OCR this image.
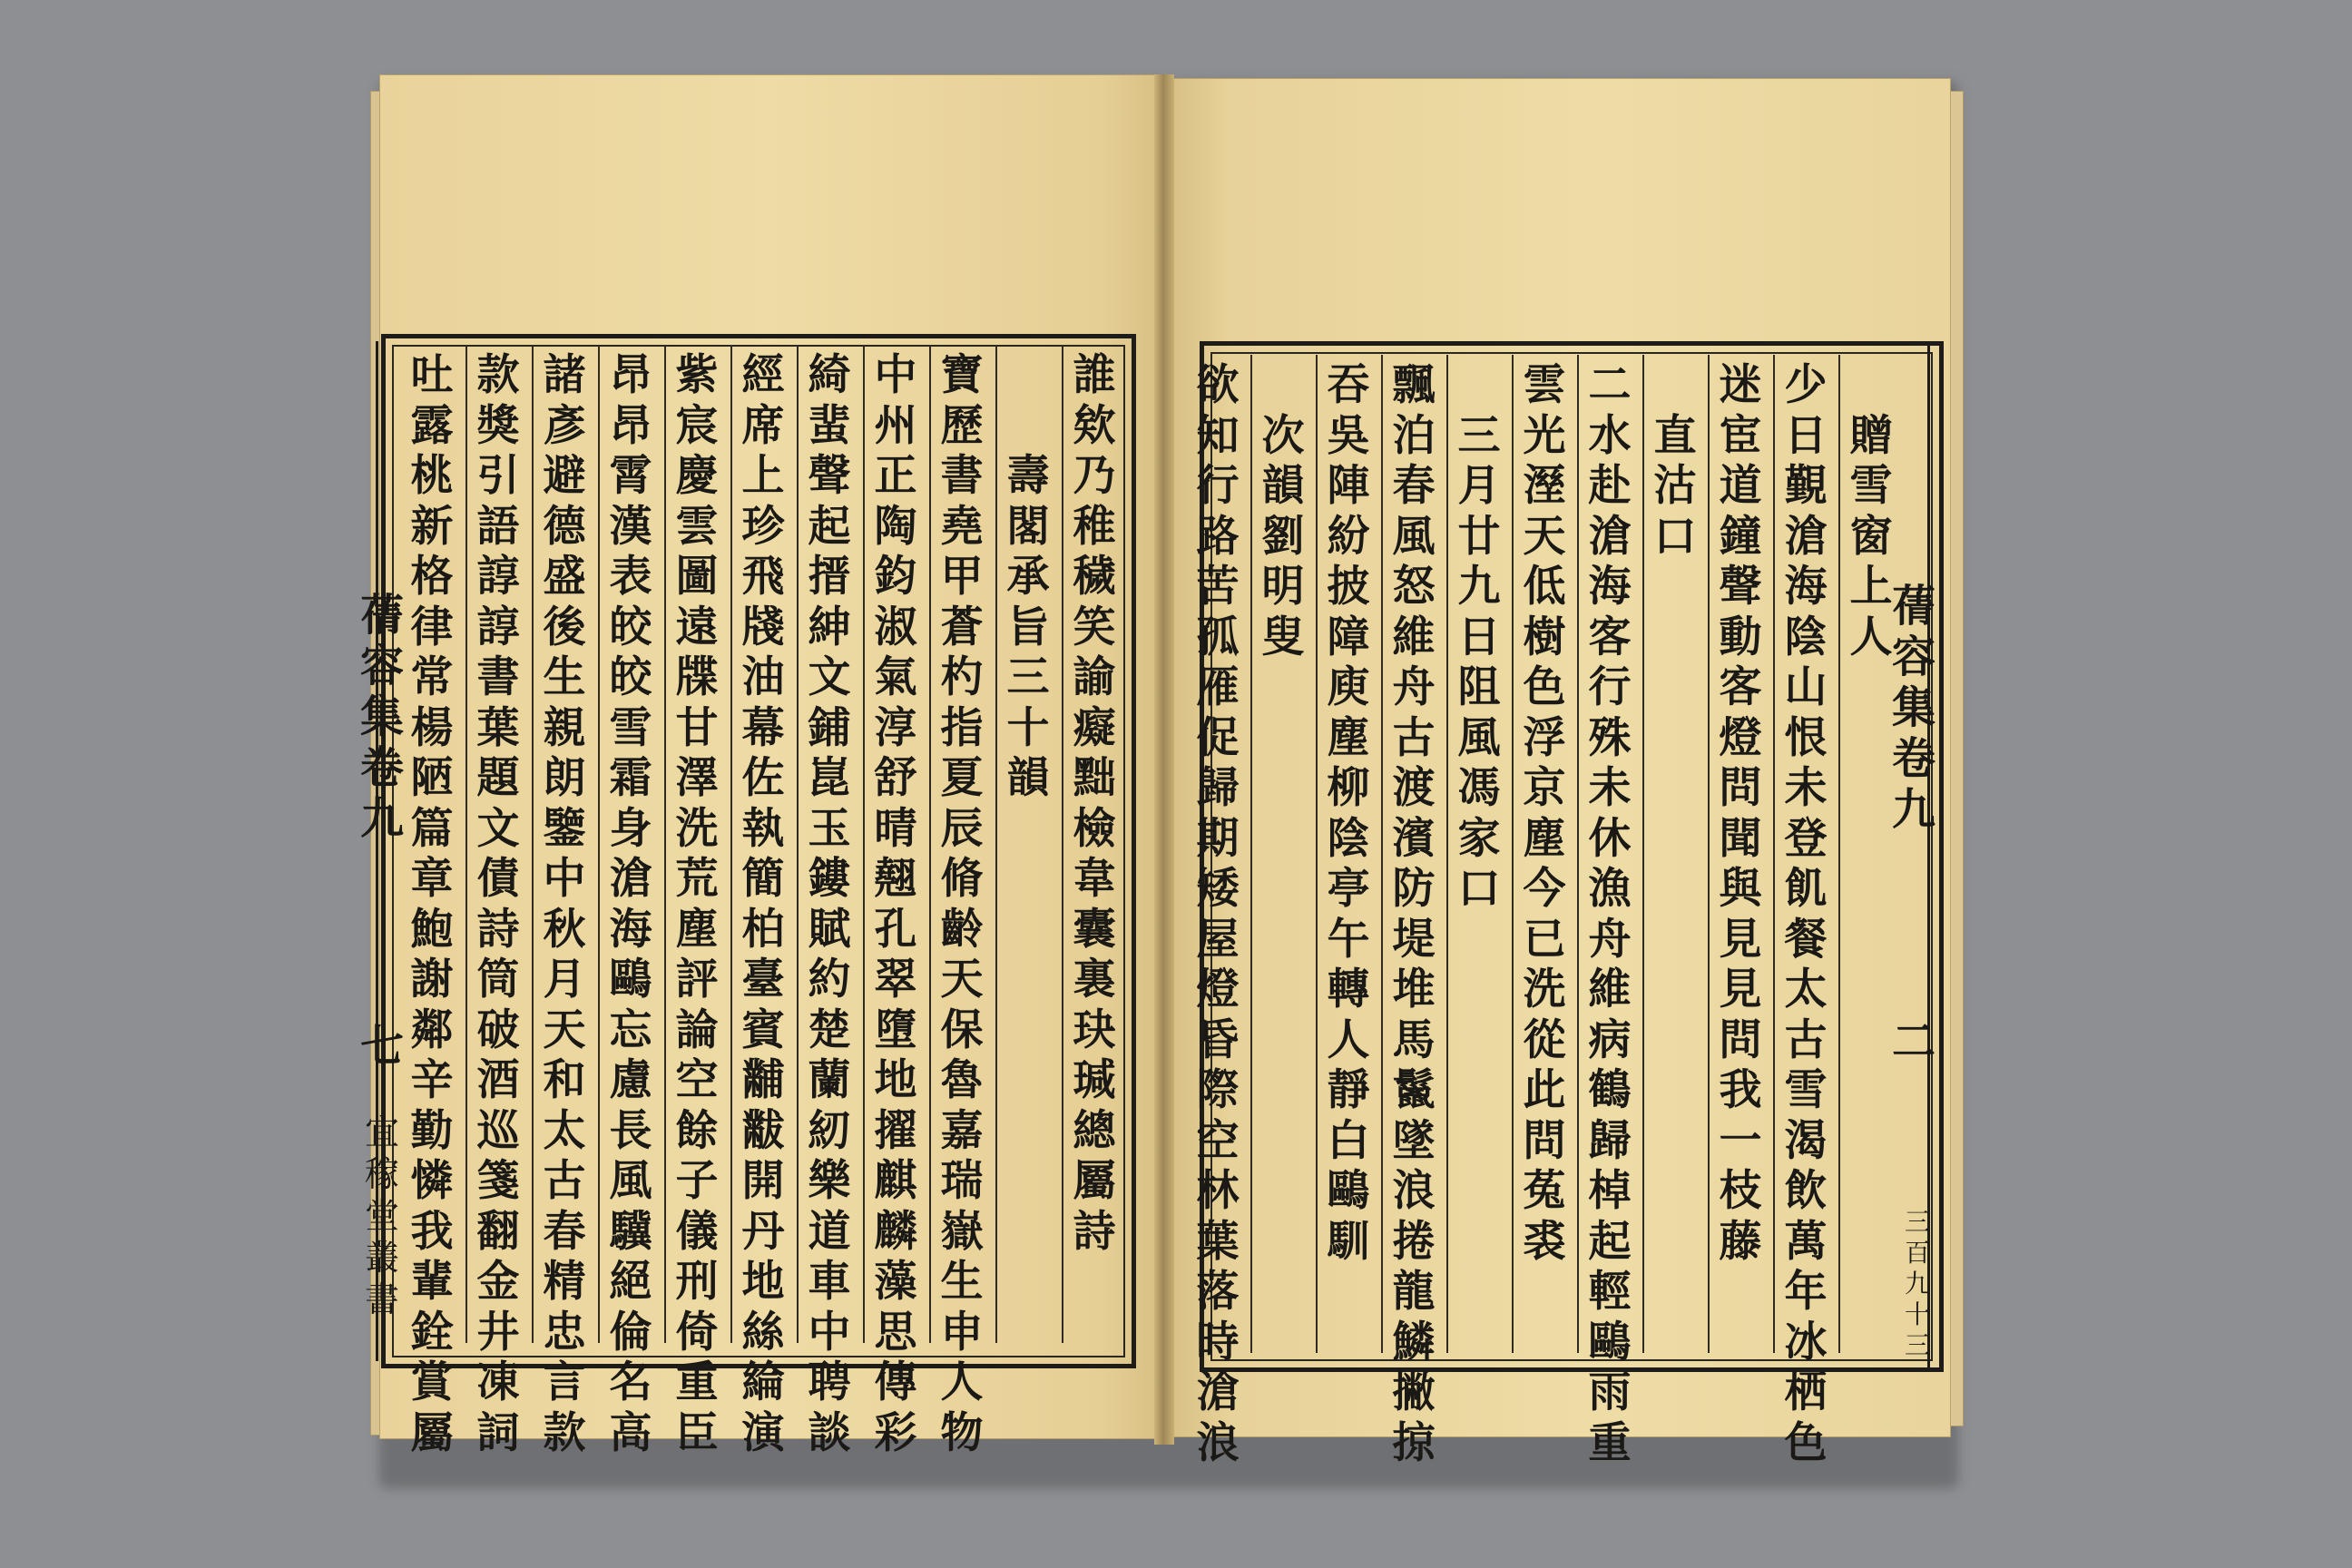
蒨
容
集
卷
九
七
宜
稼
堂
叢
書
誰
欸
乃
稚
穢
笑
諭
癡
黜
檢
韋
囊
裏
玦
瑊
總
屬
詩
壽
閣
承
旨
三
十
韻
寶
歷
書
堯
甲
蒼
杓
指
夏
辰
脩
齡
天
保
魯
嘉
瑞
嶽
生
申
人
物
中
州
正
陶
鈞
淑
氣
淳
舒
晴
翹
孔
翠
墮
地
擢
麒
麟
藻
思
傳
彩
綺
蜚
聲
起
搢
紳
文
鋪
崑
玉
鏤
賦
約
楚
蘭
紉
樂
道
車
中
聘
談
經
席
上
珍
飛
牋
油
幕
佐
執
簡
柏
臺
賓
黼
黻
開
丹
地
絲
綸
演
紫
宸
慶
雲
圖
遠
牒
甘
澤
洗
荒
塵
評
論
空
餘
子
儀
刑
倚
重
臣
昂
昂
霄
漢
表
皎
皎
雪
霜
身
滄
海
鷗
忘
慮
長
風
驥
絕
倫
名
高
諸
彥
避
德
盛
後
生
親
朗
鑒
中
秋
月
天
和
太
古
春
精
忠
言
款
款
獎
引
語
諄
諄
書
葉
題
文
債
詩
筒
破
酒
巡
箋
翻
金
井
凍
詞
吐
露
桃
新
格
律
常
楊
陋
篇
章
鮑
謝
鄰
辛
勤
憐
我
輩
銓
賞
屬
蒨
容
集
卷
九
二
三
百
九
十
三
贈
雪
窗
上
人
少
日
覲
滄
海
陰
山
恨
未
登
飢
餐
太
古
雪
渴
飲
萬
年
冰
栖
色
迷
宦
道
鐘
聲
動
客
燈
問
聞
與
見
見
問
我
一
枝
藤
直
沽
口
二
水
赴
滄
海
客
行
殊
未
休
漁
舟
維
病
鶴
歸
棹
起
輕
鷗
雨
重
雲
光
溼
天
低
樹
色
浮
京
塵
今
已
洗
從
此
問
菟
裘
三
月
廿
九
日
阻
風
馮
家
口
飄
泊
春
風
怒
維
舟
古
渡
濱
防
堤
堆
馬
鬣
墜
浪
捲
龍
鱗
撇
掠
吞
吳
陣
紛
披
障
庾
塵
柳
陰
亭
午
轉
人
靜
白
鷗
馴
次
韻
劉
明
叟
欲
知
行
路
苦
孤
雁
促
歸
期
矮
屋
燈
昏
際
空
林
葉
落
時
滄
浪
